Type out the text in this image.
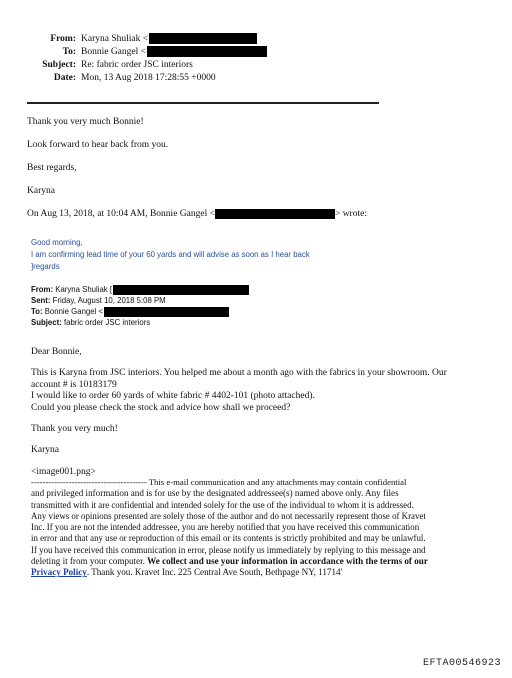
From: Karyna Shuliak <
To: Bonnie Gangel <
Subject: Re: fabric order JSC interiors
Date: Mon, 13 Aug 2018 17:28:55 +0000
Thank you very much Bonnie!
Look forward to hear back from you.
Best regards,
Karyna
On Aug 13, 2018, at 10:04 AM, Bonnie Gangel <	> wrote:
Good morning,
I am confirming lead time of your 60 yards and will advise as soon as I hear back
]regards
From: Karyna Shuliak [
Sent: Friday, August 10, 2018 5:08 PM
To: Bonnie Gangel <
Subject: fabric order JSC interiors
Dear Bonnie,
This is Karyna from JSC interiors. You helped me about a month ago with the fabrics in your showroom. Our
account # is 10183179
I would like to order 60 yards of white fabric # 4402-101 (photo attached).
Could you please check the stock and advice how shall we proceed?
Thank you very much!
Karyna
<image001.png>
---------------------------------------- This e-mail communication and any attachments may contain confidential
and privileged information and is for use by the designated addressee(s) named above only. Any files
transmitted with it are confidential and intended solely for the use of the individual to whom it is addressed.
Any views or opinions presented are solely those of the author and do not necessarily represent those of Kravet
Inc. If you are not the intended addressee, you are hereby notified that you have received this communication
in error and that any use or reproduction of this email or its contents is strictly prohibited and may be unlawful.
If you have received this communication in error, please notify us immediately by replying to this message and
deleting it from your computer. We collect and use your information in accordance with the terms of our
Privacy Policy. Thank you. Kravet Inc. 225 Central Ave South, Bethpage NY, 11714'
EFTA00546923
